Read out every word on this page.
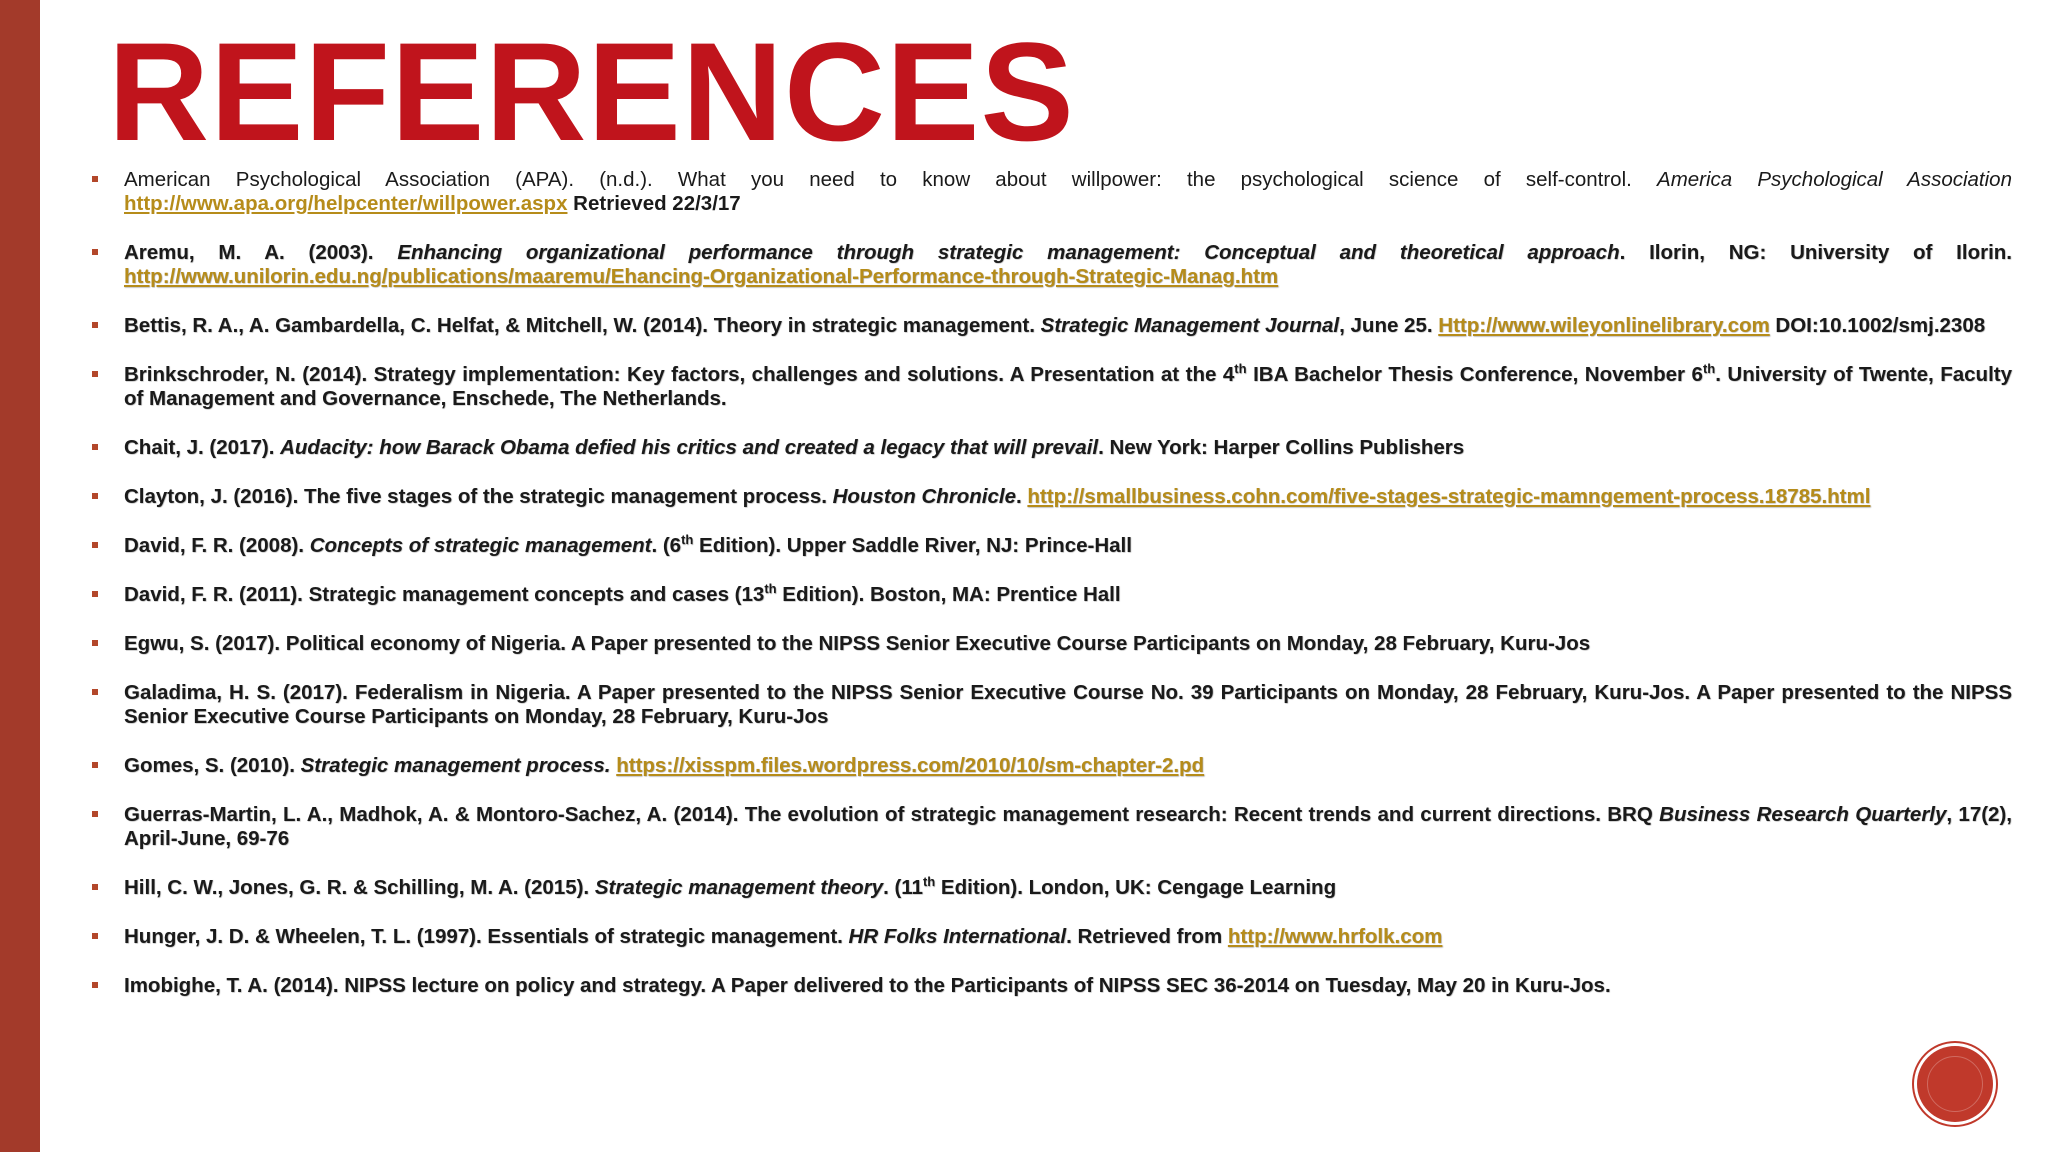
REFERENCES
American Psychological Association (APA). (n.d.). What you need to know about willpower: the psychological science of self-control. America Psychological Association http://www.apa.org/helpcenter/willpower.aspx Retrieved 22/3/17
Aremu, M. A. (2003). Enhancing organizational performance through strategic management: Conceptual and theoretical approach. Ilorin, NG: University of Ilorin. http://www.unilorin.edu.ng/publications/maaremu/Ehancing-Organizational-Performance-through-Strategic-Manag.htm
Bettis, R. A., A. Gambardella, C. Helfat, & Mitchell, W. (2014). Theory in strategic management. Strategic Management Journal, June 25. Http://www.wileyonlinelibrary.com DOI:10.1002/smj.2308
Brinkschroder, N. (2014). Strategy implementation: Key factors, challenges and solutions. A Presentation at the 4th IBA Bachelor Thesis Conference, November 6th. University of Twente, Faculty of Management and Governance, Enschede, The Netherlands.
Chait, J. (2017). Audacity: how Barack Obama defied his critics and created a legacy that will prevail. New York: Harper Collins Publishers
Clayton, J. (2016). The five stages of the strategic management process. Houston Chronicle. http://smallbusiness.cohn.com/five-stages-strategic-mamngement-process.18785.html
David, F. R. (2008). Concepts of strategic management. (6th Edition). Upper Saddle River, NJ: Prince-Hall
David, F. R. (2011). Strategic management concepts and cases (13th Edition). Boston, MA: Prentice Hall
Egwu, S. (2017). Political economy of Nigeria. A Paper presented to the NIPSS Senior Executive Course Participants on Monday, 28 February, Kuru-Jos
Galadima, H. S. (2017). Federalism in Nigeria. A Paper presented to the NIPSS Senior Executive Course No. 39 Participants on Monday, 28 February, Kuru-Jos. A Paper presented to the NIPSS Senior Executive Course Participants on Monday, 28 February, Kuru-Jos
Gomes, S. (2010). Strategic management process. https://xisspm.files.wordpress.com/2010/10/sm-chapter-2.pd
Guerras-Martin, L. A., Madhok, A. & Montoro-Sachez, A. (2014). The evolution of strategic management research: Recent trends and current directions. BRQ Business Research Quarterly, 17(2), April-June, 69-76
Hill, C. W., Jones, G. R. & Schilling, M. A. (2015). Strategic management theory. (11th Edition). London, UK: Cengage Learning
Hunger, J. D. & Wheelen, T. L. (1997). Essentials of strategic management. HR Folks International. Retrieved from http://www.hrfolk.com
Imobighe, T. A. (2014). NIPSS lecture on policy and strategy. A Paper delivered to the Participants of NIPSS SEC 36-2014 on Tuesday, May 20 in Kuru-Jos.
